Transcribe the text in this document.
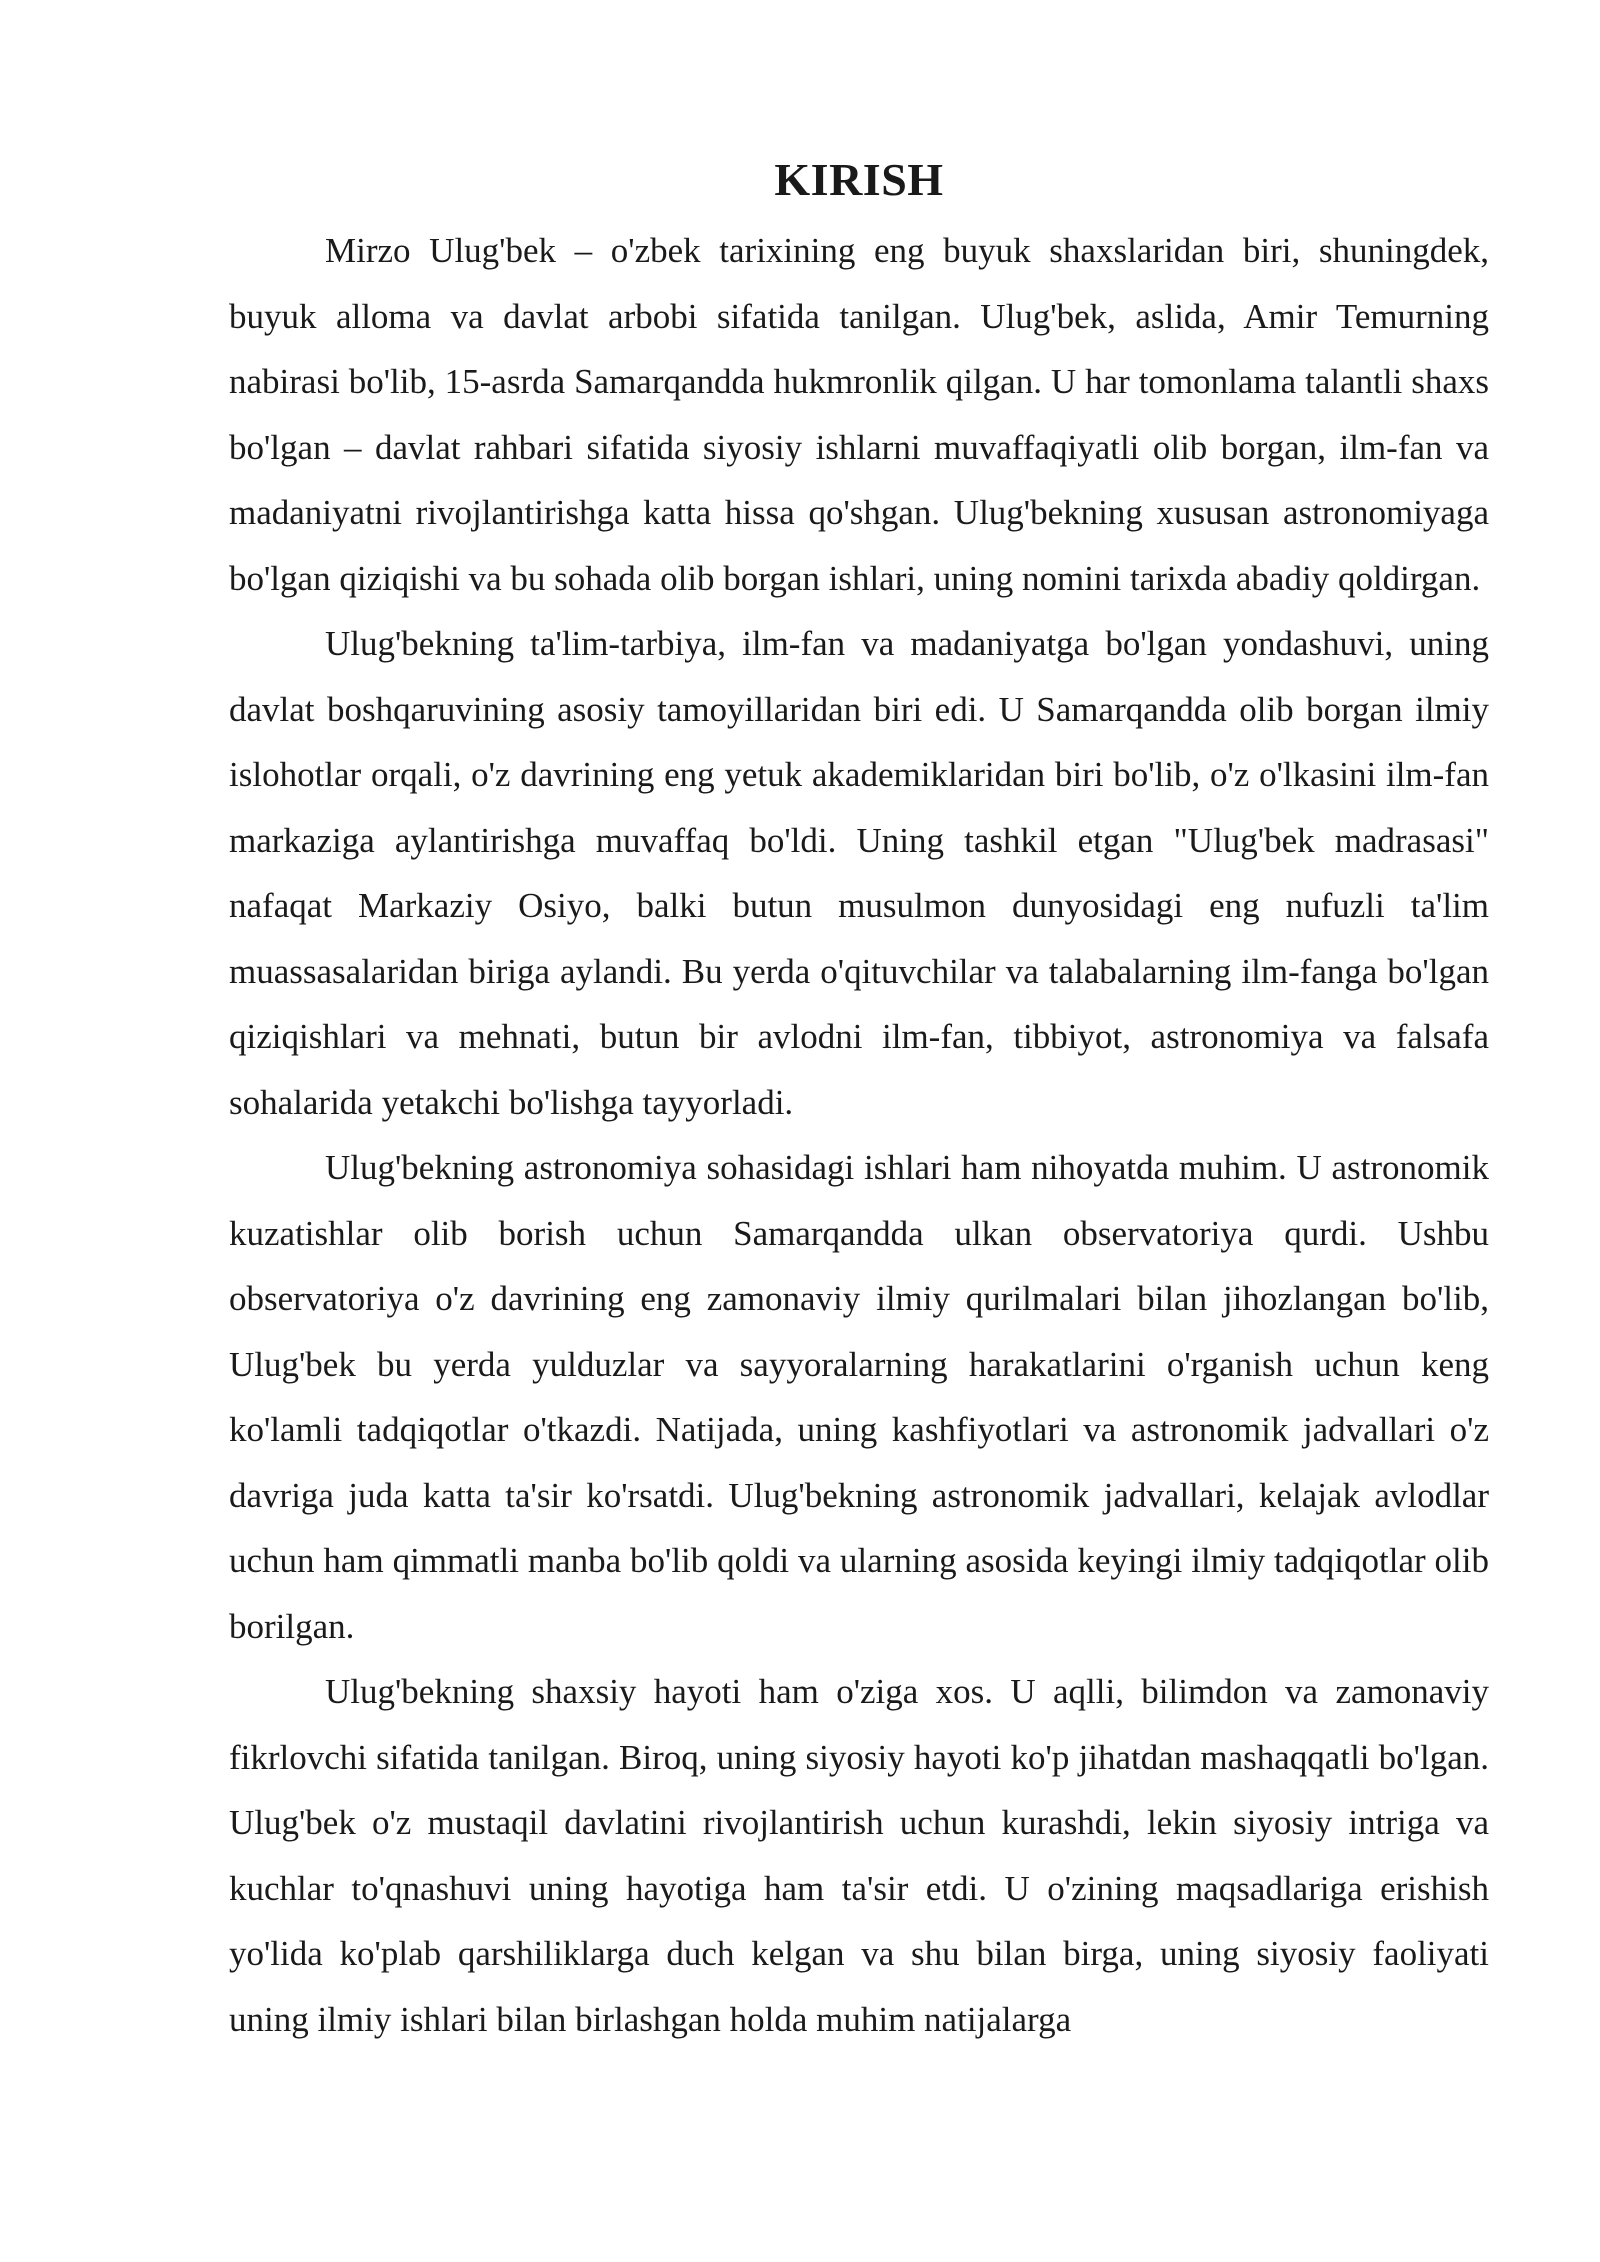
KIRISH

Mirzo Ulug'bek – o'zbek tarixining eng buyuk shaxslaridan biri, shuningdek, buyuk alloma va davlat arbobi sifatida tanilgan. Ulug'bek, aslida, Amir Temurning nabirasi bo'lib, 15-asrda Samarqandda hukmronlik qilgan. U har tomonlama talantli shaxs bo'lgan – davlat rahbari sifatida siyosiy ishlarni muvaffaqiyatli olib borgan, ilm-fan va madaniyatni rivojlantirishga katta hissa qo'shgan. Ulug'bekning xususan astronomiyaga bo'lgan qiziqishi va bu sohada olib borgan ishlari, uning nomini tarixda abadiy qoldirgan.

Ulug'bekning ta'lim-tarbiya, ilm-fan va madaniyatga bo'lgan yondashuvi, uning davlat boshqaruvining asosiy tamoyillaridan biri edi. U Samarqandda olib borgan ilmiy islohotlar orqali, o'z davrining eng yetuk akademiklaridan biri bo'lib, o'z o'lkasini ilm-fan markaziga aylantirishga muvaffaq bo'ldi. Uning tashkil etgan "Ulug'bek madrasasi" nafaqat Markaziy Osiyo, balki butun musulmon dunyosidagi eng nufuzli ta'lim muassasalaridan biriga aylandi. Bu yerda o'qituvchilar va talabalarning ilm-fanga bo'lgan qiziqishlari va mehnati, butun bir avlodni ilm-fan, tibbiyot, astronomiya va falsafa sohalarida yetakchi bo'lishga tayyorladi.

Ulug'bekning astronomiya sohasidagi ishlari ham nihoyatda muhim. U astronomik kuzatishlar olib borish uchun Samarqandda ulkan observatoriya qurdi. Ushbu observatoriya o'z davrining eng zamonaviy ilmiy qurilmalari bilan jihozlangan bo'lib, Ulug'bek bu yerda yulduzlar va sayyoralarning harakatlarini o'rganish uchun keng ko'lamli tadqiqotlar o'tkazdi. Natijada, uning kashfiyotlari va astronomik jadvallari o'z davriga juda katta ta'sir ko'rsatdi. Ulug'bekning astronomik jadvallari, kelajak avlodlar uchun ham qimmatli manba bo'lib qoldi va ularning asosida keyingi ilmiy tadqiqotlar olib borilgan.

Ulug'bekning shaxsiy hayoti ham o'ziga xos. U aqlli, bilimdon va zamonaviy fikrlovchi sifatida tanilgan. Biroq, uning siyosiy hayoti ko'p jihatdan mashaqqatli bo'lgan. Ulug'bek o'z mustaqil davlatini rivojlantirish uchun kurashdi, lekin siyosiy intriga va kuchlar to'qnashuvi uning hayotiga ham ta'sir etdi. U o'zining maqsadlariga erishish yo'lida ko'plab qarshiliklarga duch kelgan va shu bilan birga, uning siyosiy faoliyati uning ilmiy ishlari bilan birlashgan holda muhim natijalarga
